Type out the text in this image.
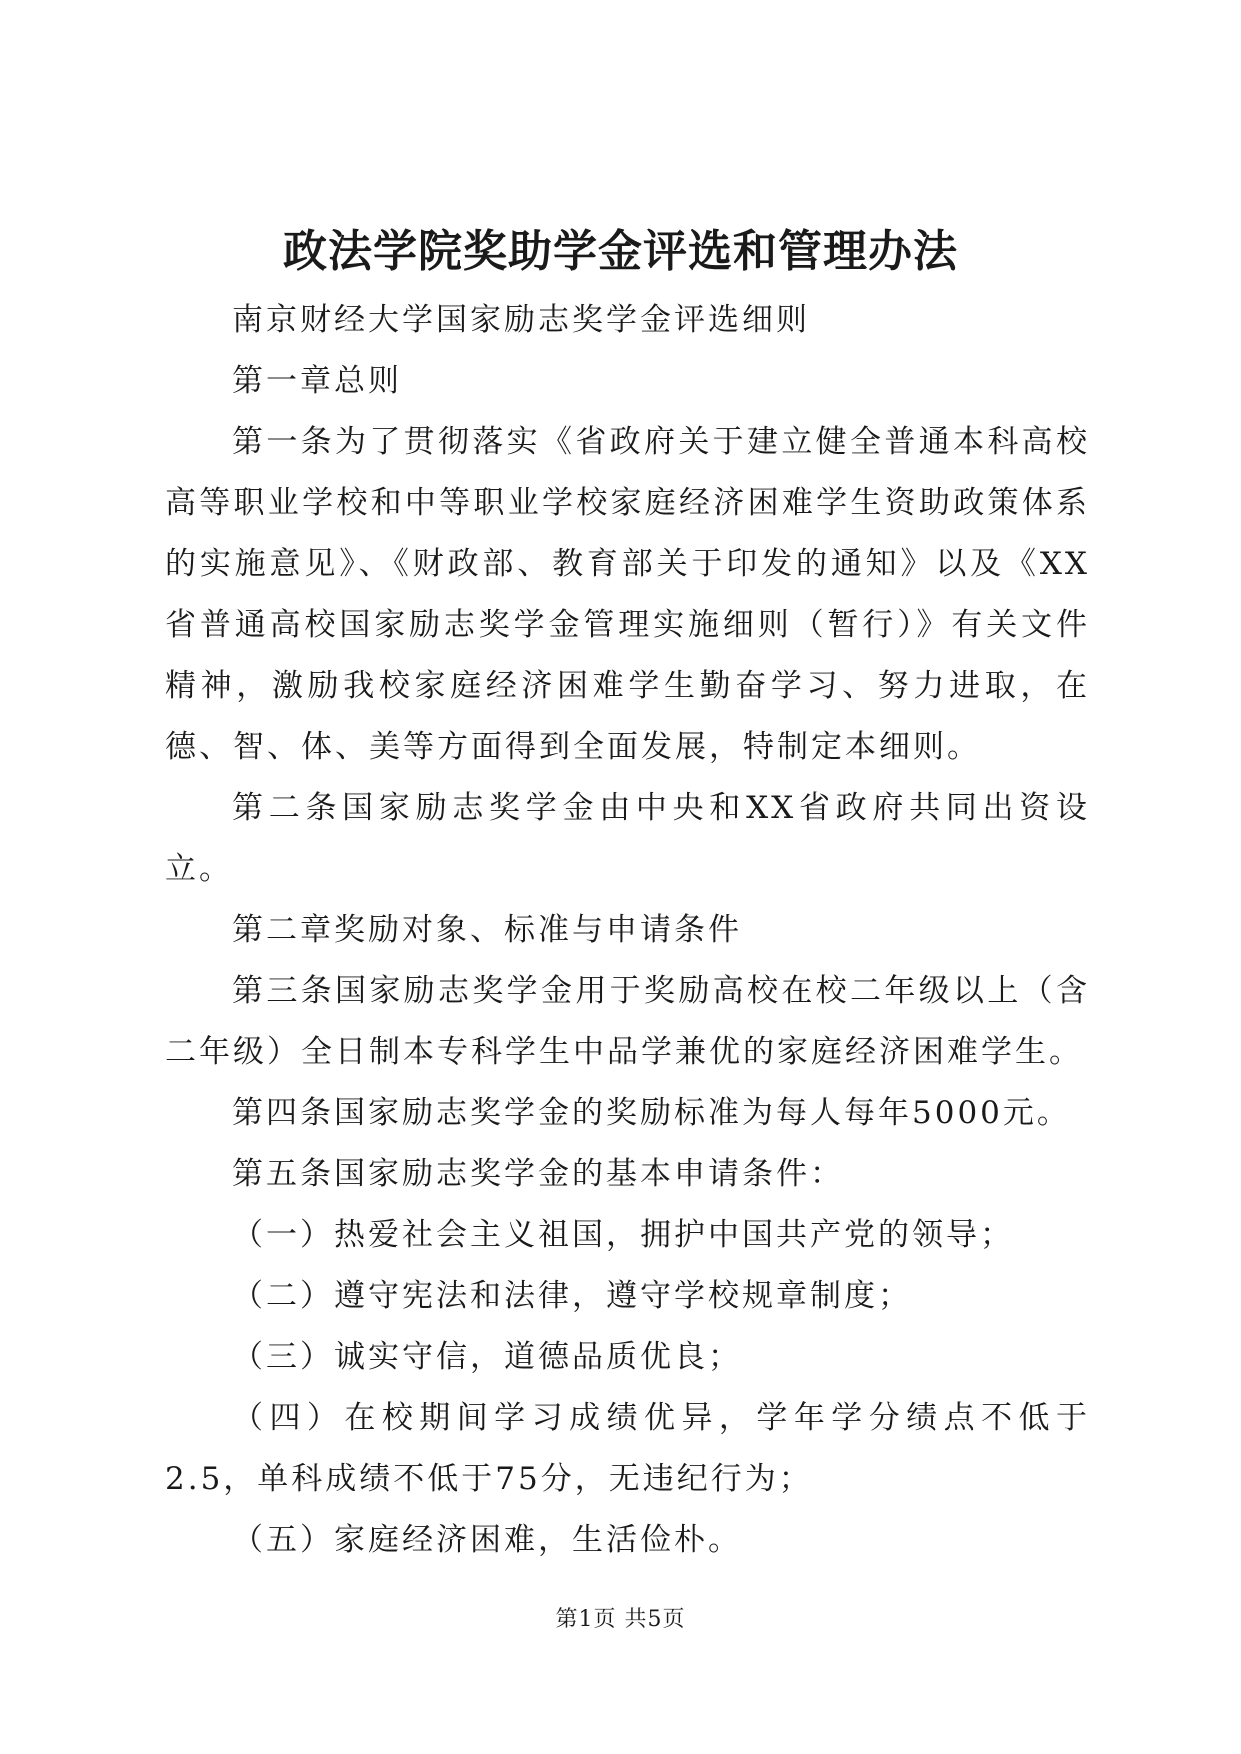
政法学院奖助学金评选和管理办法

南京财经大学国家励志奖学金评选细则

第一章总则

第一条为了贯彻落实《省政府关于建立健全普通本科高校高等职业学校和中等职业学校家庭经济困难学生资助政策体系的实施意见》、《财政部、教育部关于印发的通知》以及《XX省普通高校国家励志奖学金管理实施细则（暂行）》有关文件精神，激励我校家庭经济困难学生勤奋学习、努力进取，在德、智、体、美等方面得到全面发展，特制定本细则。

第二条国家励志奖学金由中央和XX省政府共同出资设立。

第二章奖励对象、标准与申请条件

第三条国家励志奖学金用于奖励高校在校二年级以上（含二年级）全日制本专科学生中品学兼优的家庭经济困难学生。

第四条国家励志奖学金的奖励标准为每人每年5000元。

第五条国家励志奖学金的基本申请条件：

（一）热爱社会主义祖国，拥护中国共产党的领导；

（二）遵守宪法和法律，遵守学校规章制度；

（三）诚实守信，道德品质优良；

（四）在校期间学习成绩优异，学年学分绩点不低于2.5，单科成绩不低于75分，无违纪行为；

（五）家庭经济困难，生活俭朴。

第1页 共5页
